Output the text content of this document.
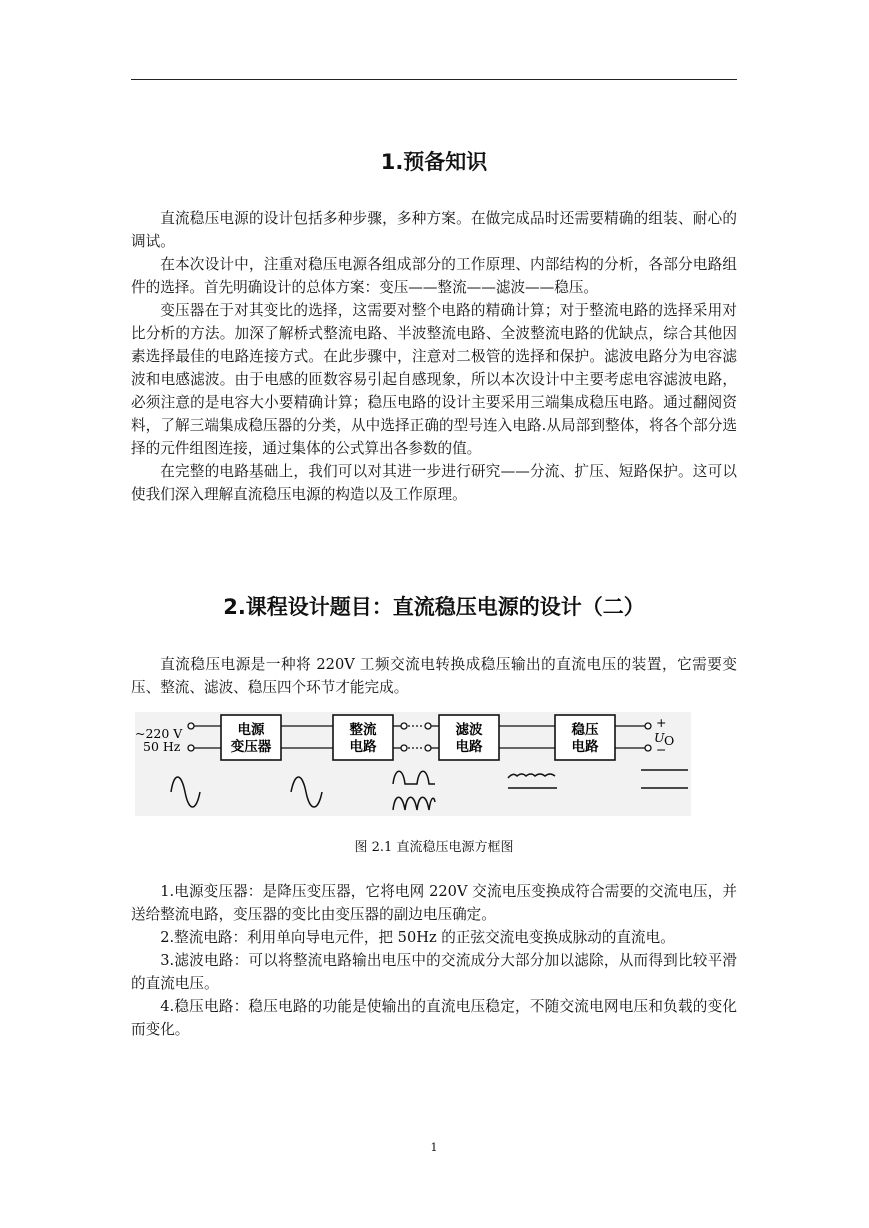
1.预备知识

直流稳压电源的设计包括多种步骤，多种方案。在做完成品时还需要精确的组装、耐心的调试。

在本次设计中，注重对稳压电源各组成部分的工作原理、内部结构的分析，各部分电路组件的选择。首先明确设计的总体方案：变压——整流——滤波——稳压。

变压器在于对其变比的选择，这需要对整个电路的精确计算；对于整流电路的选择采用对比分析的方法。加深了解桥式整流电路、半波整流电路、全波整流电路的优缺点，综合其他因素选择最佳的电路连接方式。在此步骤中，注意对二极管的选择和保护。滤波电路分为电容滤波和电感滤波。由于电感的匝数容易引起自感现象，所以本次设计中主要考虑电容滤波电路，必须注意的是电容大小要精确计算；稳压电路的设计主要采用三端集成稳压电路。通过翻阅资料，了解三端集成稳压器的分类，从中选择正确的型号连入电路.从局部到整体，将各个部分选择的元件组图连接，通过集体的公式算出各参数的值。

在完整的电路基础上，我们可以对其进一步进行研究——分流、扩压、短路保护。这可以使我们深入理解直流稳压电源的构造以及工作原理。

2.课程设计题目：直流稳压电源的设计（二）

直流稳压电源是一种将 220V 工频交流电转换成稳压输出的直流电压的装置，它需要变压、整流、滤波、稳压四个环节才能完成。

~220 V
50 Hz
电源
变压器
整流
电路
滤波
电路
稳压
电路
+
U O
−
图 2.1 直流稳压电源方框图

1.电源变压器：是降压变压器，它将电网 220V 交流电压变换成符合需要的交流电压，并送给整流电路，变压器的变比由变压器的副边电压确定。

2.整流电路：利用单向导电元件，把 50Hz 的正弦交流电变换成脉动的直流电。

3.滤波电路：可以将整流电路输出电压中的交流成分大部分加以滤除，从而得到比较平滑的直流电压。

4.稳压电路：稳压电路的功能是使输出的直流电压稳定，不随交流电网电压和负载的变化而变化。

1
